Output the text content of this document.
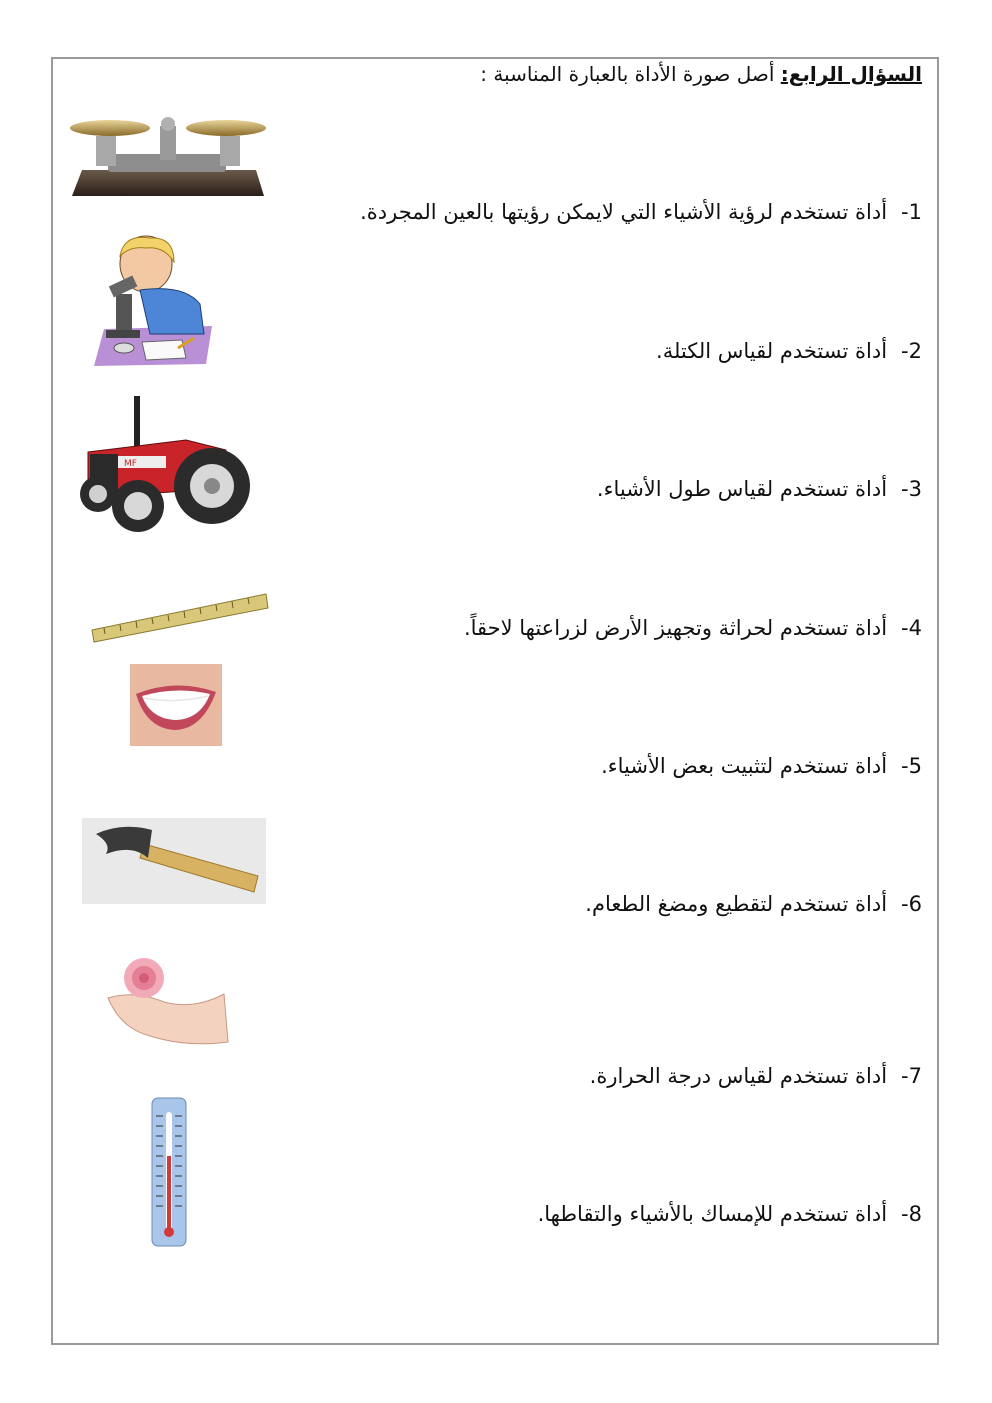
السؤال الرابع: أصل صورة الأداة بالعبارة المناسبة :
1-أداة تستخدم لرؤية الأشياء التي لايمكن رؤيتها بالعين المجردة.
2-أداة تستخدم لقياس الكتلة.
3-أداة تستخدم لقياس طول الأشياء.
4-أداة تستخدم لحراثة وتجهيز الأرض لزراعتها لاحقاً.
5-أداة تستخدم لتثبيت بعض الأشياء.
6-أداة تستخدم لتقطيع ومضغ الطعام.
7-أداة تستخدم لقياس درجة الحرارة.
8-أداة تستخدم للإمساك بالأشياء والتقاطها.
MF
